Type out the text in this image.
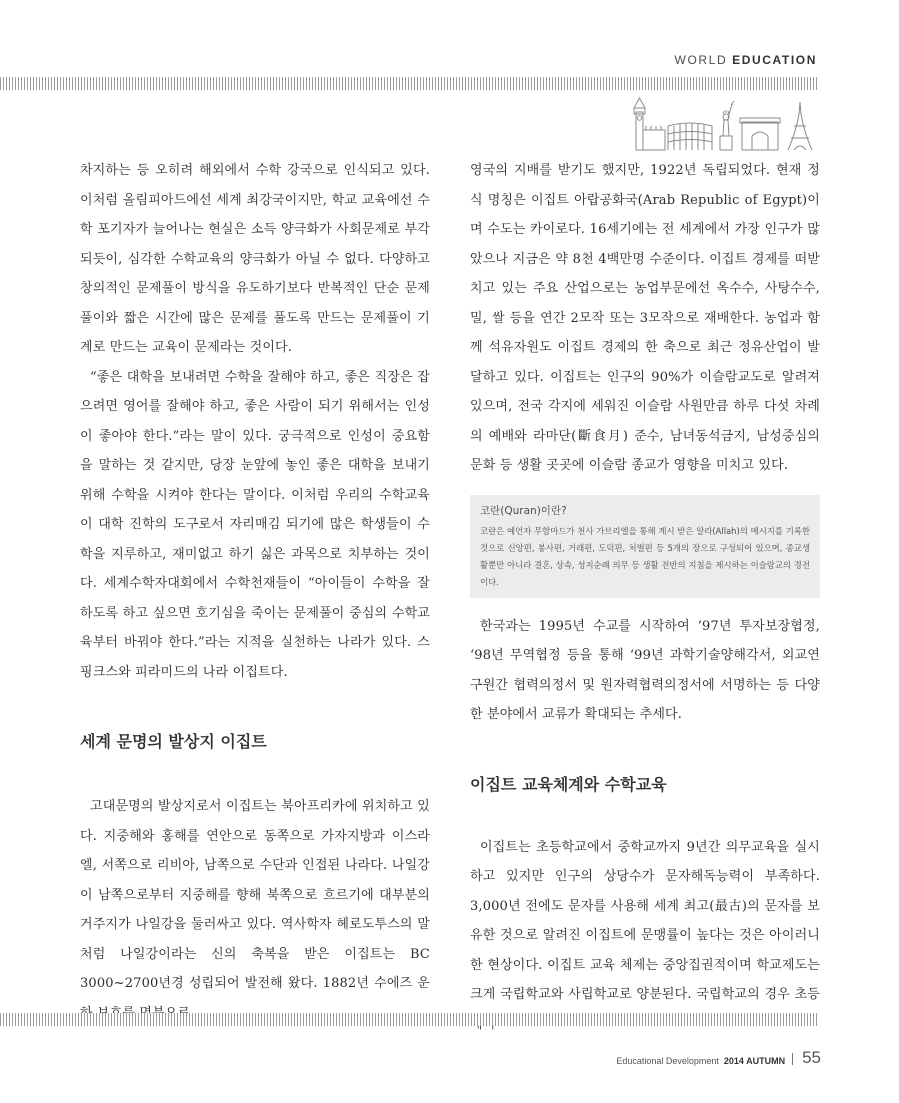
WORLD EDUCATION

차지하는 등 오히려 해외에서 수학 강국으로 인식되고 있다. 이처럼 올림피아드에선 세계 최강국이지만, 학교 교육에선 수학 포기자가 늘어나는 현실은 소득 양극화가 사회문제로 부각되듯이, 심각한 수학교육의 양극화가 아닐 수 없다. 다양하고 창의적인 문제풀이 방식을 유도하기보다 반복적인 단순 문제풀이와 짧은 시간에 많은 문제를 풀도록 만드는 문제풀이 기계로 만드는 교육이 문제라는 것이다.

“좋은 대학을 보내려면 수학을 잘해야 하고, 좋은 직장은 잡으려면 영어를 잘해야 하고, 좋은 사람이 되기 위해서는 인성이 좋아야 한다.”라는 말이 있다. 궁극적으로 인성이 중요함을 말하는 것 같지만, 당장 눈앞에 놓인 좋은 대학을 보내기 위해 수학을 시켜야 한다는 말이다. 이처럼 우리의 수학교육이 대학 진학의 도구로서 자리매김 되기에 많은 학생들이 수학을 지루하고, 재미없고 하기 싫은 과목으로 치부하는 것이다. 세계수학자대회에서 수학천재들이 “아이들이 수학을 잘하도록 하고 싶으면 호기심을 죽이는 문제풀이 중심의 수학교육부터 바꿔야 한다.”라는 지적을 실천하는 나라가 있다. 스핑크스와 피라미드의 나라 이집트다.

세계 문명의 발상지 이집트

고대문명의 발상지로서 이집트는 북아프리카에 위치하고 있다. 지중해와 홍해를 연안으로 동쪽으로 가자지방과 이스라엘, 서쪽으로 리비아, 남쪽으로 수단과 인접된 나라다. 나일강이 남쪽으로부터 지중해를 향해 북쪽으로 흐르기에 대부분의 거주지가 나일강을 둘러싸고 있다. 역사학자 헤로도투스의 말처럼 나일강이라는 신의 축복을 받은 이집트는 BC 3000~2700년경 성립되어 발전해 왔다. 1882년 수에즈 운

영국의 지배를 받기도 했지만, 1922년 독립되었다. 현재 정식 명칭은 이집트 아랍공화국(Arab Republic of Egypt)이며 수도는 카이로다. 16세기에는 전 세계에서 가장 인구가 많았으나 지금은 약 8천 4백만명 수준이다. 이집트 경제를 떠받치고 있는 주요 산업으로는 농업부문에선 옥수수, 사탕수수, 밀, 쌀 등을 연간 2모작 또는 3모작으로 재배한다. 농업과 함께 석유자원도 이집트 경제의 한 축으로 최근 정유산업이 발달하고 있다. 이집트는 인구의 90%가 이슬람교도로 알려져 있으며, 전국 각지에 세워진 이슬람 사원만큼 하루 다섯 차례의 예배와 라마단(斷食月) 준수, 남녀동석금지, 남성중심의 문화 등 생활 곳곳에 이슬람 종교가 영향을 미치고 있다.

코란(Quran)이란?

코란은 예언자 무함마드가 천사 가브리엘을 통해 계시 받은 알라(Allah)의 메시지를 기록한 것으로 신앙편, 봉사편, 거래편, 도덕편, 처벌편 등 5개의 장으로 구성되어 있으며, 종교생활뿐만 아니라 결혼, 상속, 성지순례 의무 등 생활 전반의 지침을 제시하는 이슬람교의 경전이다.

한국과는 1995년 수교를 시작하여 ‘97년 투자보장협정, ‘98년 무역협정 등을 통해 ‘99년 과학기술양해각서, 외교연구원간 협력의정서 및 원자력협력의정서에 서명하는 등 다양한 분야에서 교류가 확대되는 추세다.

이집트 교육체계와 수학교육

이집트는 초등학교에서 중학교까지 9년간 의무교육을 실시하고 있지만 인구의 상당수가 문자해독능력이 부족하다. 3,000년 전에도 문자를 사용해 세계 최고(最古)의 문자를 보유한 것으로 알려진 이집트에 문맹률이 높다는 것은 아이러니한 현상이다. 이집트 교육 체제는 중앙집권적이며 학교제도는 크게 국립학교와 사립학교로 양분된다. 국립학교의 경우 초등

Educational Development 2014 AUTUMN 55
